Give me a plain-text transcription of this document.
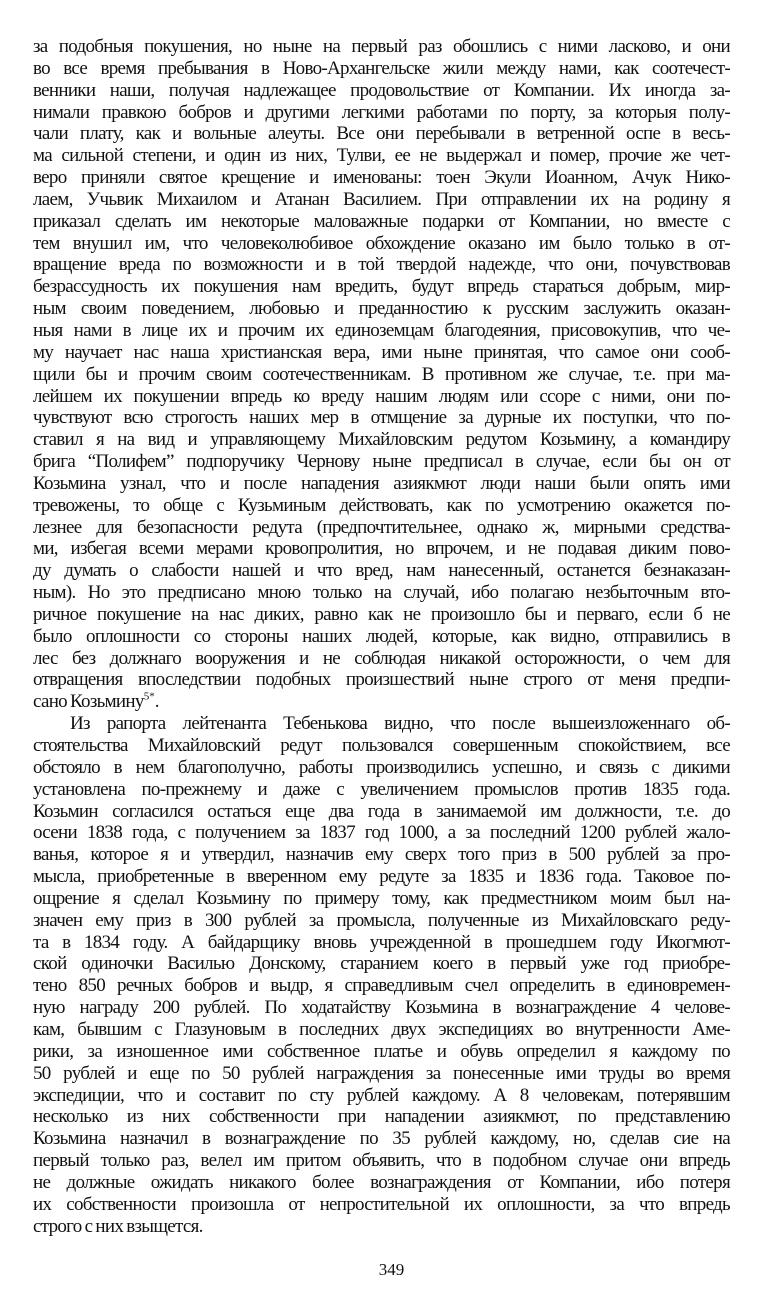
за подобныя покушения, но ныне на первый раз обошлись с ними ласково, и они
во все время пребывания в Ново-Архангельске жили между нами, как соотечест-
венники наши, получая надлежащее продовольствие от Компании. Их иногда за-
нимали правкою бобров и другими легкими работами по порту, за которыя полу-
чали плату, как и вольные алеуты. Все они перебывали в ветренной оспе в весь-
ма сильной степени, и один из них, Тулви, ее не выдержал и помер, прочие же чет-
веро приняли святое крещение и именованы: тоен Экули Иоанном, Ачук Нико-
лаем, Учьвик Михаилом и Атанан Василием. При отправлении их на родину я
приказал сделать им некоторые маловажные подарки от Компании, но вместе с
тем внушил им, что человеколюбивое обхождение оказано им было только в от-
вращение вреда по возможности и в той твердой надежде, что они, почувствовав
безрассудность их покушения нам вредить, будут впредь стараться добрым, мир-
ным своим поведением, любовью и преданностию к русским заслужить оказан-
ныя нами в лице их и прочим их единоземцам благодеяния, присовокупив, что че-
му научает нас наша христианская вера, ими ныне принятая, что самое они сооб-
щили бы и прочим своим соотечественникам. В противном же случае, т.е. при ма-
лейшем их покушении впредь ко вреду нашим людям или ссоре с ними, они по-
чувствуют всю строгость наших мер в отмщение за дурные их поступки, что по-
ставил я на вид и управляющему Михайловским редутом Козьмину, а командиру
брига “Полифем” подпоручику Чернову ныне предписал в случае, если бы он от
Козьмина узнал, что и после нападения азиякмют люди наши были опять ими
тревожены, то обще с Кузьминым действовать, как по усмотрению окажется по-
лезнее для безопасности редута (предпочтительнее, однако ж, мирными средства-
ми, избегая всеми мерами кровопролития, но впрочем, и не подавая диким пово-
ду думать о слабости нашей и что вред, нам нанесенный, останется безнаказан-
ным). Но это предписано мною только на случай, ибо полагаю незбыточным вто-
ричное покушение на нас диких, равно как не произошло бы и перваго, если б не
было оплошности со стороны наших людей, которые, как видно, отправились в
лес без должнаго вооружения и не соблюдая никакой осторожности, о чем для
отвращения впоследствии подобных произшествий ныне строго от меня предпи-
сано Козьмину$^{5*}$.
Из рапорта лейтенанта Тебенькова видно, что после вышеизложеннаго об-
стоятельства Михайловский редут пользовался совершенным спокойствием, все
обстояло в нем благополучно, работы производились успешно, и связь с дикими
установлена по-прежнему и даже с увеличением промыслов против 1835 года.
Козьмин согласился остаться еще два года в занимаемой им должности, т.е. до
осени 1838 года, с получением за 1837 год 1000, а за последний 1200 рублей жало-
ванья, которое я и утвердил, назначив ему сверх того приз в 500 рублей за про-
мысла, приобретенные в вверенном ему редуте за 1835 и 1836 года. Таковое по-
ощрение я сделал Козьмину по примеру тому, как предместником моим был на-
значен ему приз в 300 рублей за промысла, полученные из Михайловскаго реду-
та в 1834 году. А байдарщику вновь учрежденной в прошедшем году Икогмют-
ской одиночки Василью Донскому, старанием коего в первый уже год приобре-
тено 850 речных бобров и выдр, я справедливым счел определить в единовремен-
ную награду 200 рублей. По ходатайству Козьмина в вознаграждение 4 челове-
кам, бывшим с Глазуновым в последних двух экспедициях во внутренности Аме-
рики, за изношенное ими собственное платье и обувь определил я каждому по
50 рублей и еще по 50 рублей награждения за понесенные ими труды во время
экспедиции, что и составит по сту рублей каждому. А 8 человекам, потерявшим
несколько из них собственности при нападении азиякмют, по представлению
Козьмина назначил в вознаграждение по 35 рублей каждому, но, сделав сие на
первый только раз, велел им притом объявить, что в подобном случае они впредь
не должные ожидать никакого более вознаграждения от Компании, ибо потеря
их собственности произошла от непростительной их оплошности, за что впредь
строго с них взыщется.
349
